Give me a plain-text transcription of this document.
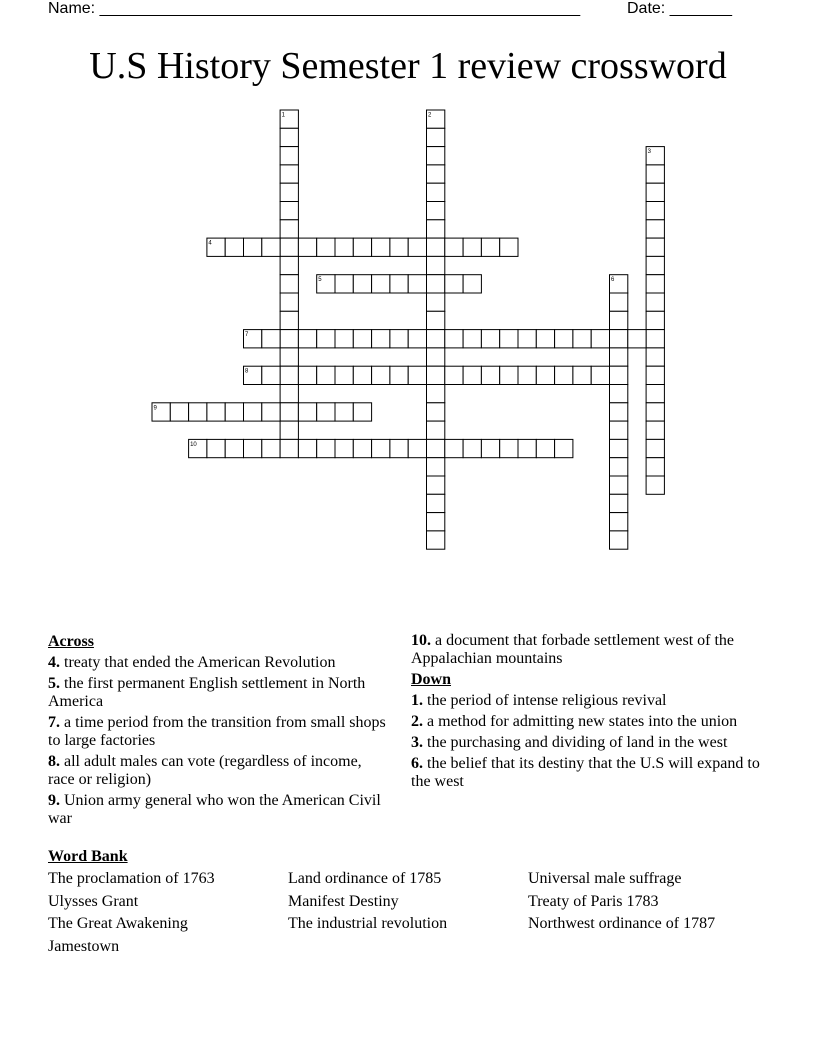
Name: ______________________________________________________	Date: _______
U.S History Semester 1 review crossword
1	2
3
4
5	6
7
8
9
10
Across
4. treaty that ended the American Revolution
5. the first permanent English settlement in North America
7. a time period from the transition from small shops to large factories
8. all adult males can vote (regardless of income, race or religion)
9. Union army general who won the American Civil war
10. a document that forbade settlement west of the Appalachian mountains
Down
1. the period of intense religious revival
2. a method for admitting new states into the union
3. the purchasing and dividing of land in the west
6. the belief that its destiny that the U.S will expand to the west
Word Bank
The proclamation of 1763	Land ordinance of 1785	Universal male suffrage
Ulysses Grant	Manifest Destiny	Treaty of Paris 1783
The Great Awakening	The industrial revolution	Northwest ordinance of 1787
Jamestown
